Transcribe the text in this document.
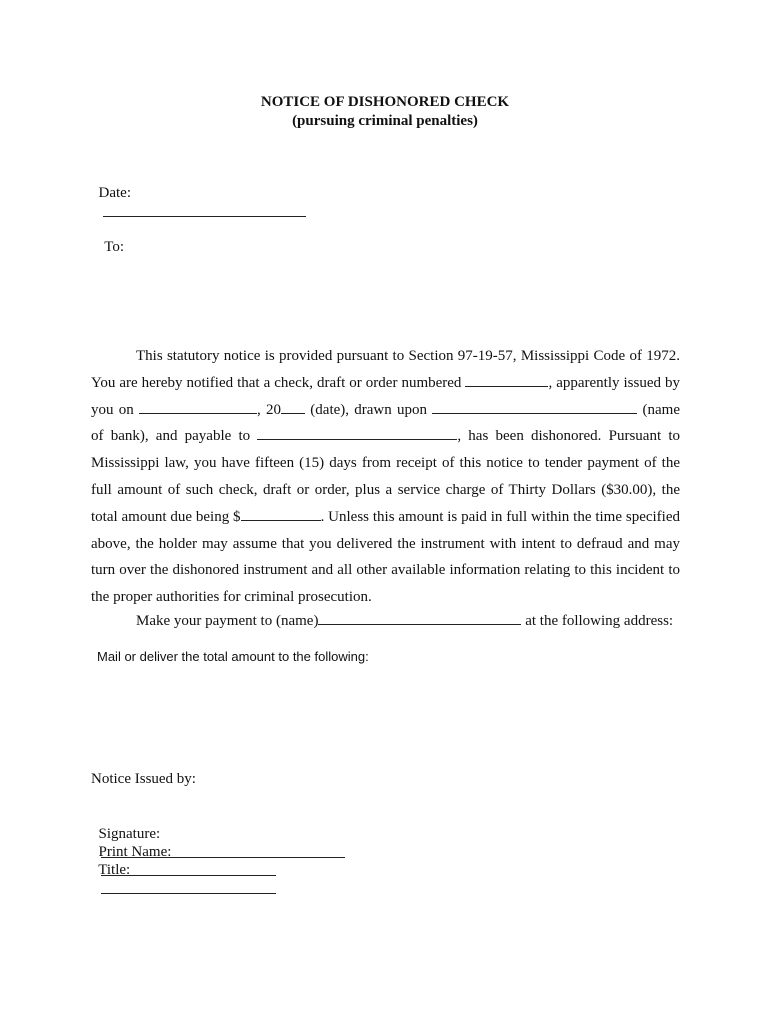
NOTICE OF DISHONORED CHECK
(pursuing criminal penalties)

Date:

To:

This statutory notice is provided pursuant to Section 97-19-57, Mississippi Code of 1972. You are hereby notified that a check, draft or order numbered	, apparently issued by you on	, 20 (date), drawn upon	(name of bank), and payable to	, has been dishonored. Pursuant to Mississippi law, you have fifteen (15) days from receipt of this notice to tender payment of the full amount of such check, draft or order, plus a service charge of Thirty Dollars ($30.00), the total amount due being $	. Unless this amount is paid in full within the time specified above, the holder may assume that you delivered the instrument with intent to defraud and may turn over the dishonored instrument and all other available information relating to this incident to the proper authorities for criminal prosecution.

Make your payment to (name)	at the following address:
Mail or deliver the total amount to the following:
Notice Issued by:

Signature:

Print Name:

Title:
